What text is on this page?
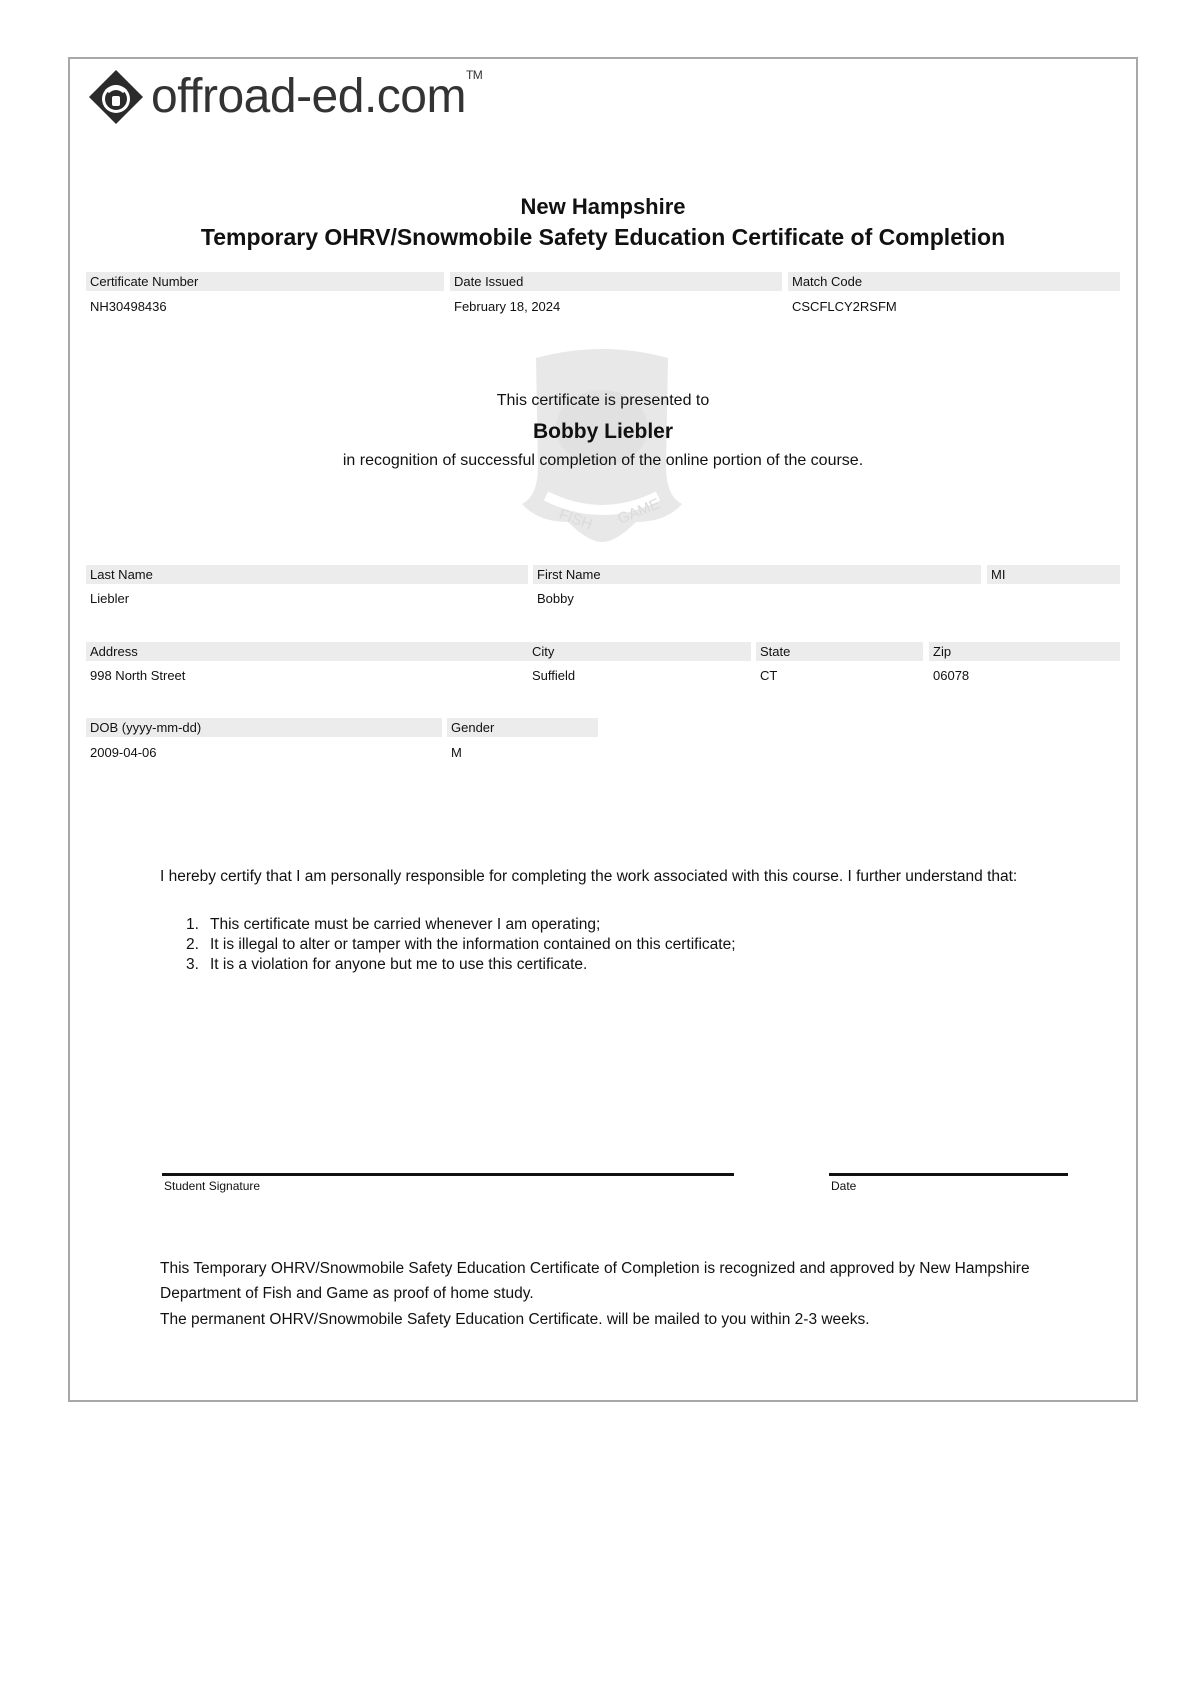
offroad-ed.com™
New Hampshire
Temporary OHRV/Snowmobile Safety Education Certificate of Completion
Certificate Number	Date Issued	Match Code
NH30498436	February 18, 2024	CSCFLCY2RSFM
FISH GAME
This certificate is presented to
Bobby Liebler
in recognition of successful completion of the online portion of the course.
Last Name	First Name	MI
Liebler	Bobby
Address	City	State	Zip
998 North Street	Suffield	CT	06078
DOB (yyyy-mm-dd)	Gender
2009-04-06	M
I hereby certify that I am personally responsible for completing the work associated with this course. I further understand that:
1. This certificate must be carried whenever I am operating;
2. It is illegal to alter or tamper with the information contained on this certificate;
3. It is a violation for anyone but me to use this certificate.
Student Signature	Date
This Temporary OHRV/Snowmobile Safety Education Certificate of Completion is recognized and approved by New Hampshire Department of Fish and Game as proof of home study.
The permanent OHRV/Snowmobile Safety Education Certificate. will be mailed to you within 2-3 weeks.
